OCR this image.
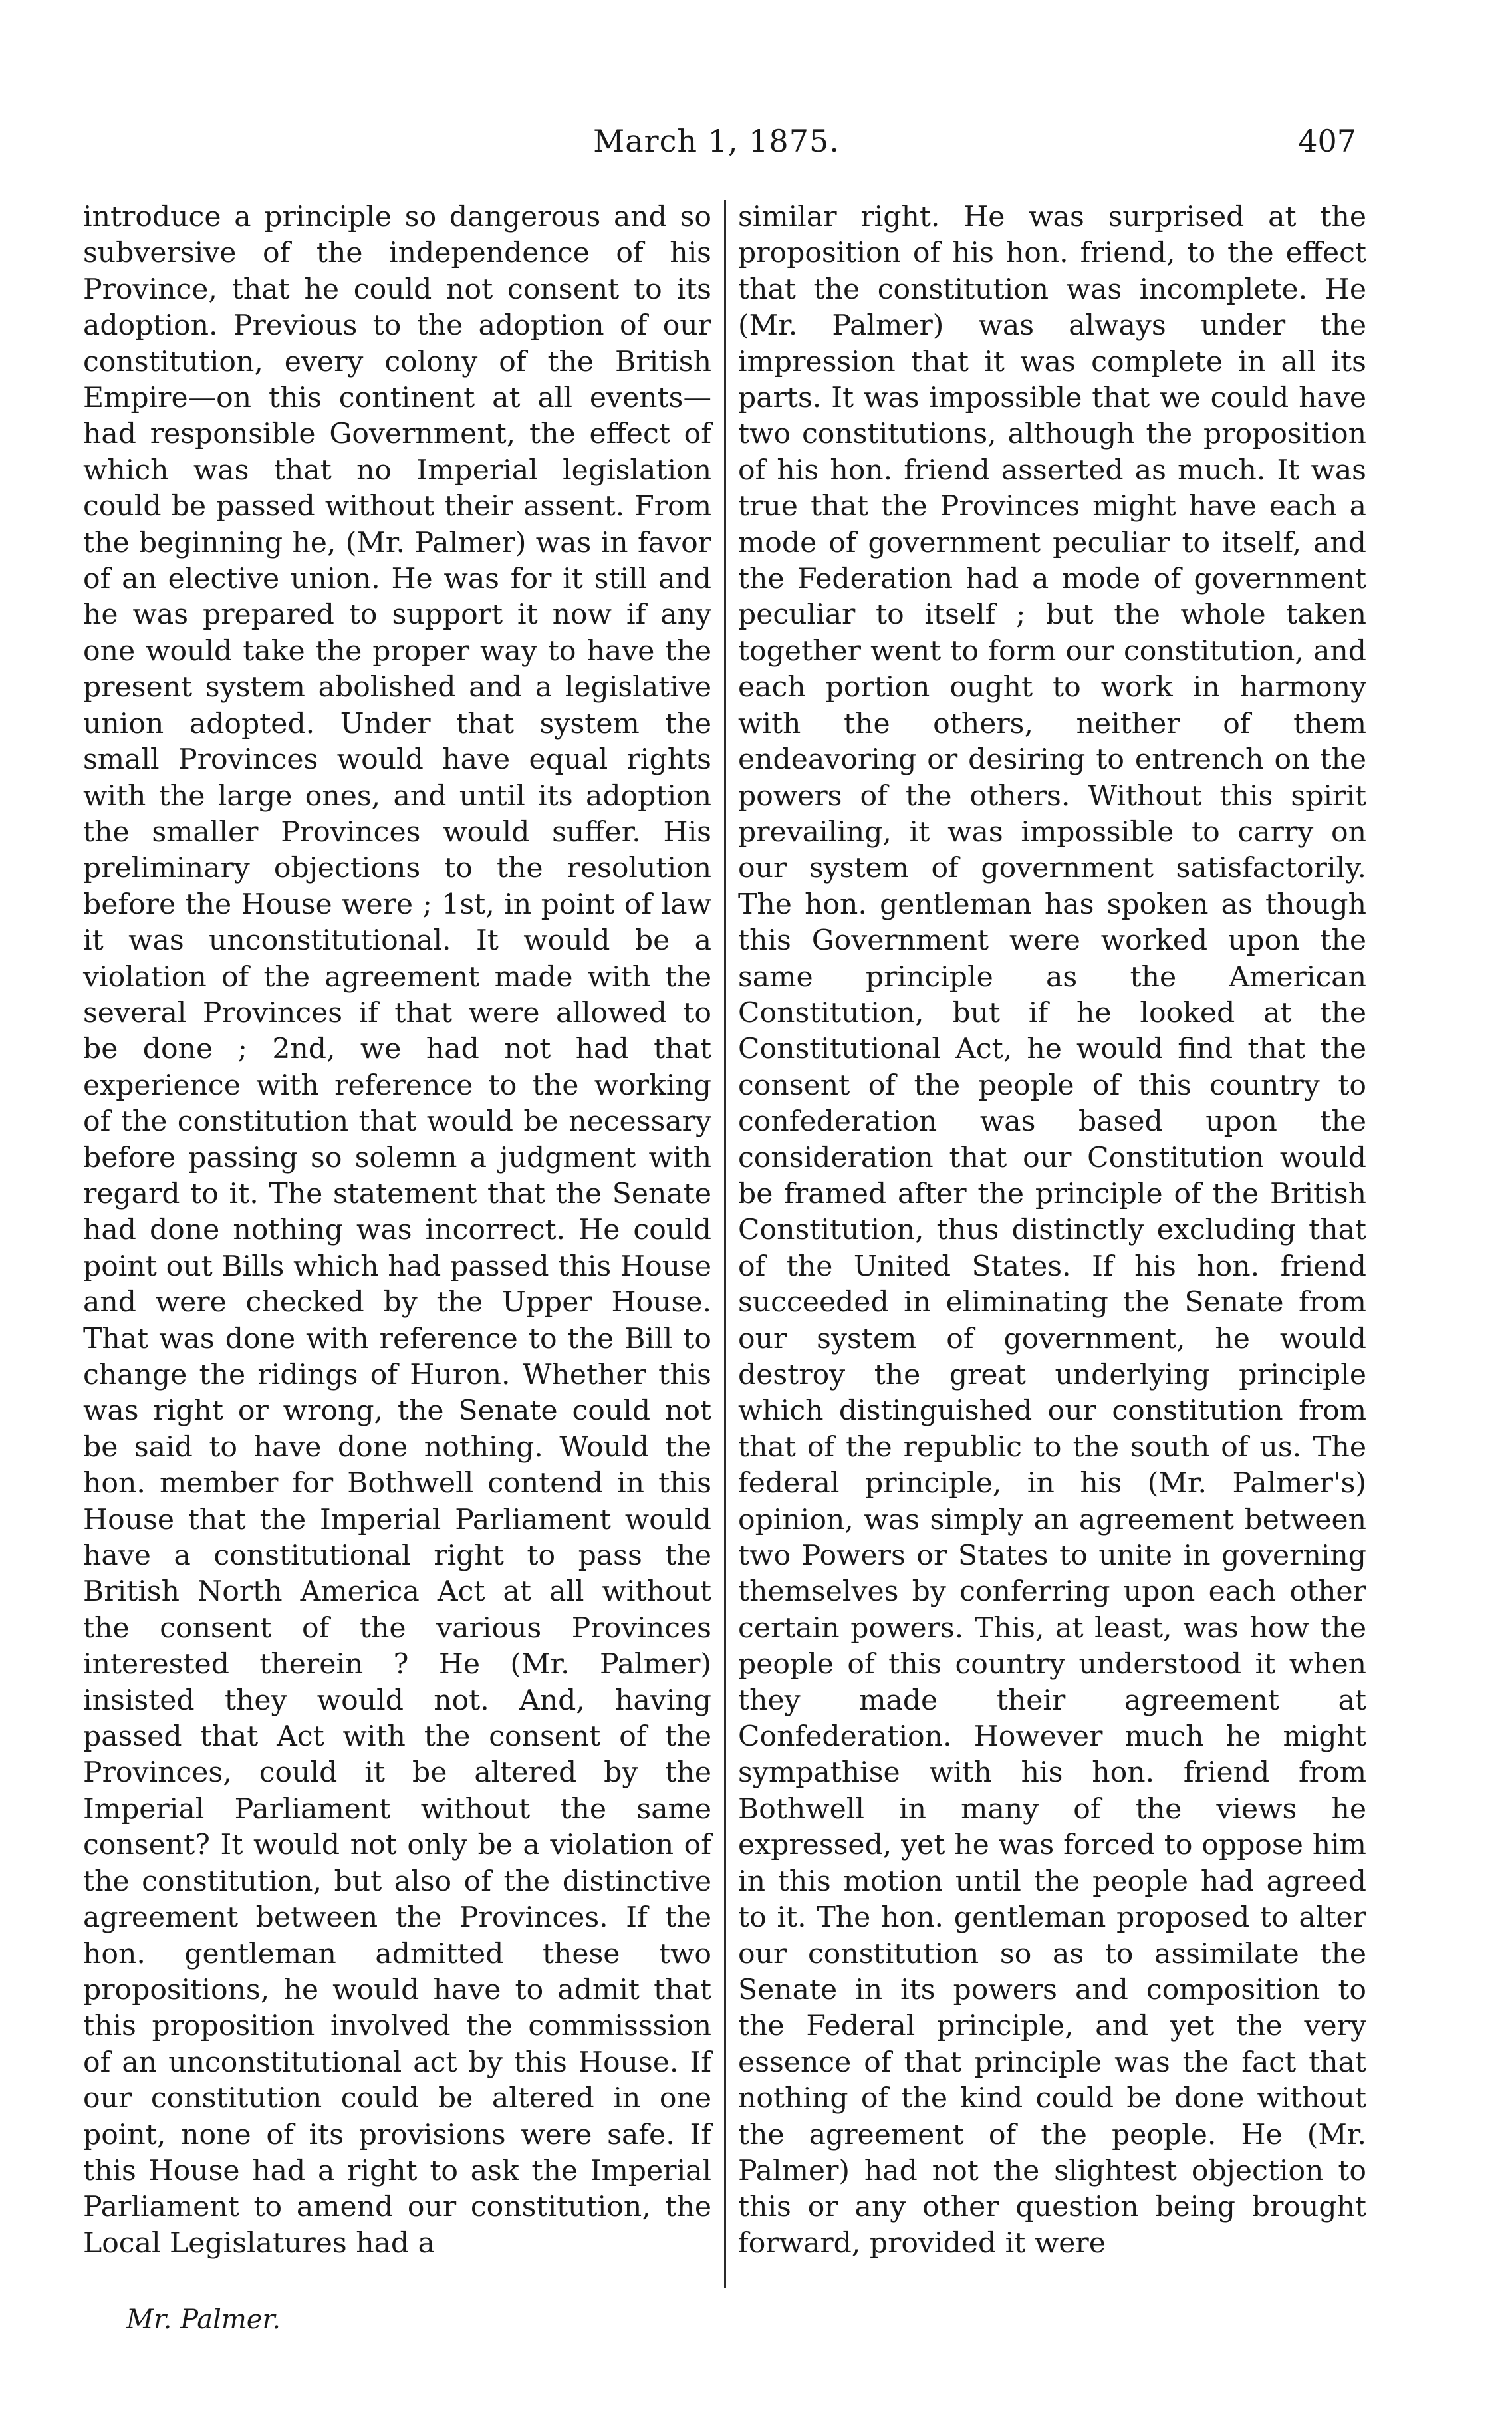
March 1, 1875.	407

introduce a principle so dangerous and so subversive of the independence of his Province, that he could not consent to its adoption. Previous to the adoption of our constitution, every colony of the British Empire—on this continent at all events—had responsible Government, the effect of which was that no Imperial legislation could be passed without their assent. From the beginning he, (Mr. Palmer) was in favor of an elective union. He was for it still and he was prepared to support it now if any one would take the proper way to have the present system abolished and a legislative union adopted. Under that system the small Provinces would have equal rights with the large ones, and until its adoption the smaller Provinces would suffer. His preliminary objections to the resolution before the House were ; 1st, in point of law it was unconstitutional. It would be a violation of the agreement made with the several Provinces if that were allowed to be done ; 2nd, we had not had that experience with reference to the working of the constitution that would be necessary before passing so solemn a judgment with regard to it. The statement that the Senate had done nothing was incorrect. He could point out Bills which had passed this House and were checked by the Upper House. That was done with reference to the Bill to change the ridings of Huron. Whether this was right or wrong, the Senate could not be said to have done nothing. Would the hon. member for Bothwell contend in this House that the Imperial Parliament would have a constitutional right to pass the British North America Act at all without the consent of the various Provinces interested therein ? He (Mr. Palmer) insisted they would not. And, having passed that Act with the consent of the Provinces, could it be altered by the Imperial Parliament without the same consent? It would not only be a violation of the constitution, but also of the distinctive agreement between the Provinces. If the hon. gentleman admitted these two propositions, he would have to admit that this proposition involved the commisssion of an unconstitutional act by this House. If our constitution could be altered in one point, none of its provisions were safe. If this House had a right to ask the Imperial Parliament to amend our constitution, the Local Legislatures had a

similar right. He was surprised at the proposition of his hon. friend, to the effect that the constitution was incomplete. He (Mr. Palmer) was always under the impression that it was complete in all its parts. It was impossible that we could have two constitutions, although the proposition of his hon. friend asserted as much. It was true that the Provinces might have each a mode of government peculiar to itself, and the Federation had a mode of government peculiar to itself ; but the whole taken together went to form our constitution, and each portion ought to work in harmony with the others, neither of them endeavoring or desiring to entrench on the powers of the others. Without this spirit prevailing, it was impossible to carry on our system of government satisfactorily. The hon. gentleman has spoken as though this Government were worked upon the same principle as the American Constitution, but if he looked at the Constitutional Act, he would find that the consent of the people of this country to confederation was based upon the consideration that our Constitution would be framed after the principle of the British Constitution, thus distinctly excluding that of the United States. If his hon. friend succeeded in eliminating the Senate from our system of government, he would destroy the great underlying principle which distinguished our constitution from that of the republic to the south of us. The federal principle, in his (Mr. Palmer's) opinion, was simply an agreement between two Powers or States to unite in governing themselves by conferring upon each other certain powers. This, at least, was how the people of this country understood it when they made their agreement at Confederation. However much he might sympathise with his hon. friend from Bothwell in many of the views he expressed, yet he was forced to oppose him in this motion until the people had agreed to it. The hon. gentleman proposed to alter our constitution so as to assimilate the Senate in its powers and composition to the Federal principle, and yet the very essence of that principle was the fact that nothing of the kind could be done without the agreement of the people. He (Mr. Palmer) had not the slightest objection to this or any other question being brought forward, provided it were

Mr. Palmer.
